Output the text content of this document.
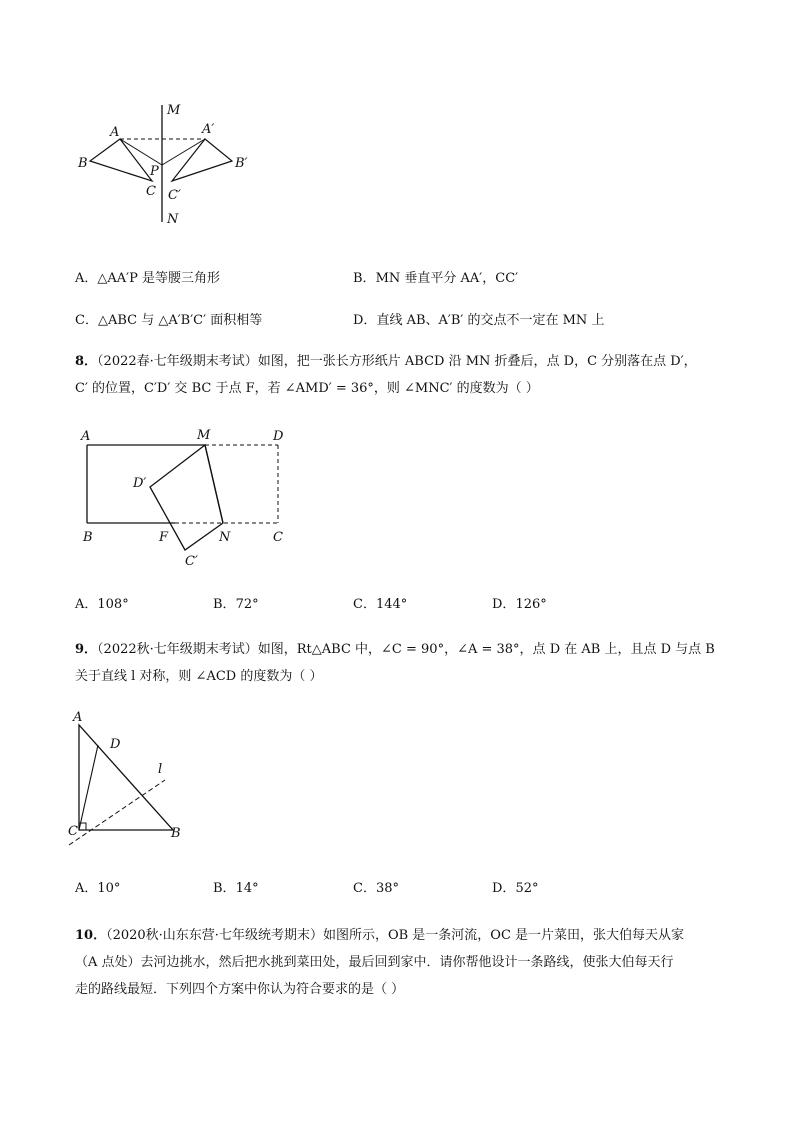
M
A	A′
B	B′
P
C C′
N
A．△AA′P 是等腰三角形	B．MN 垂直平分 AA′，CC′
C．△ABC 与 △A′B′C′ 面积相等	D．直线 AB、A′B′ 的交点不一定在 MN 上
8．（2022春·七年级期末考试）如图，把一张长方形纸片 ABCD 沿 MN 折叠后，点 D，C 分别落在点 D′，
C′ 的位置，C′D′ 交 BC 于点 F，若 ∠AMD′ = 36°，则 ∠MNC′ 的度数为（ ）
A	M	D
D′
B	F	N	C
C′
A．108°	B．72°	C．144°	D．126°
9．（2022秋·七年级期末考试）如图，Rt△ABC 中，∠C = 90°，∠A = 38°，点 D 在 AB 上，且点 D 与点 B
关于直线 l 对称，则 ∠ACD 的度数为（ ）
A
D
l
C	B
A．10°	B．14°	C．38°	D．52°
10．（2020秋·山东东营·七年级统考期末）如图所示，OB 是一条河流，OC 是一片菜田，张大伯每天从家
（A 点处）去河边挑水，然后把水挑到菜田处，最后回到家中．请你帮他设计一条路线，使张大伯每天行
走的路线最短．下列四个方案中你认为符合要求的是（ ）
